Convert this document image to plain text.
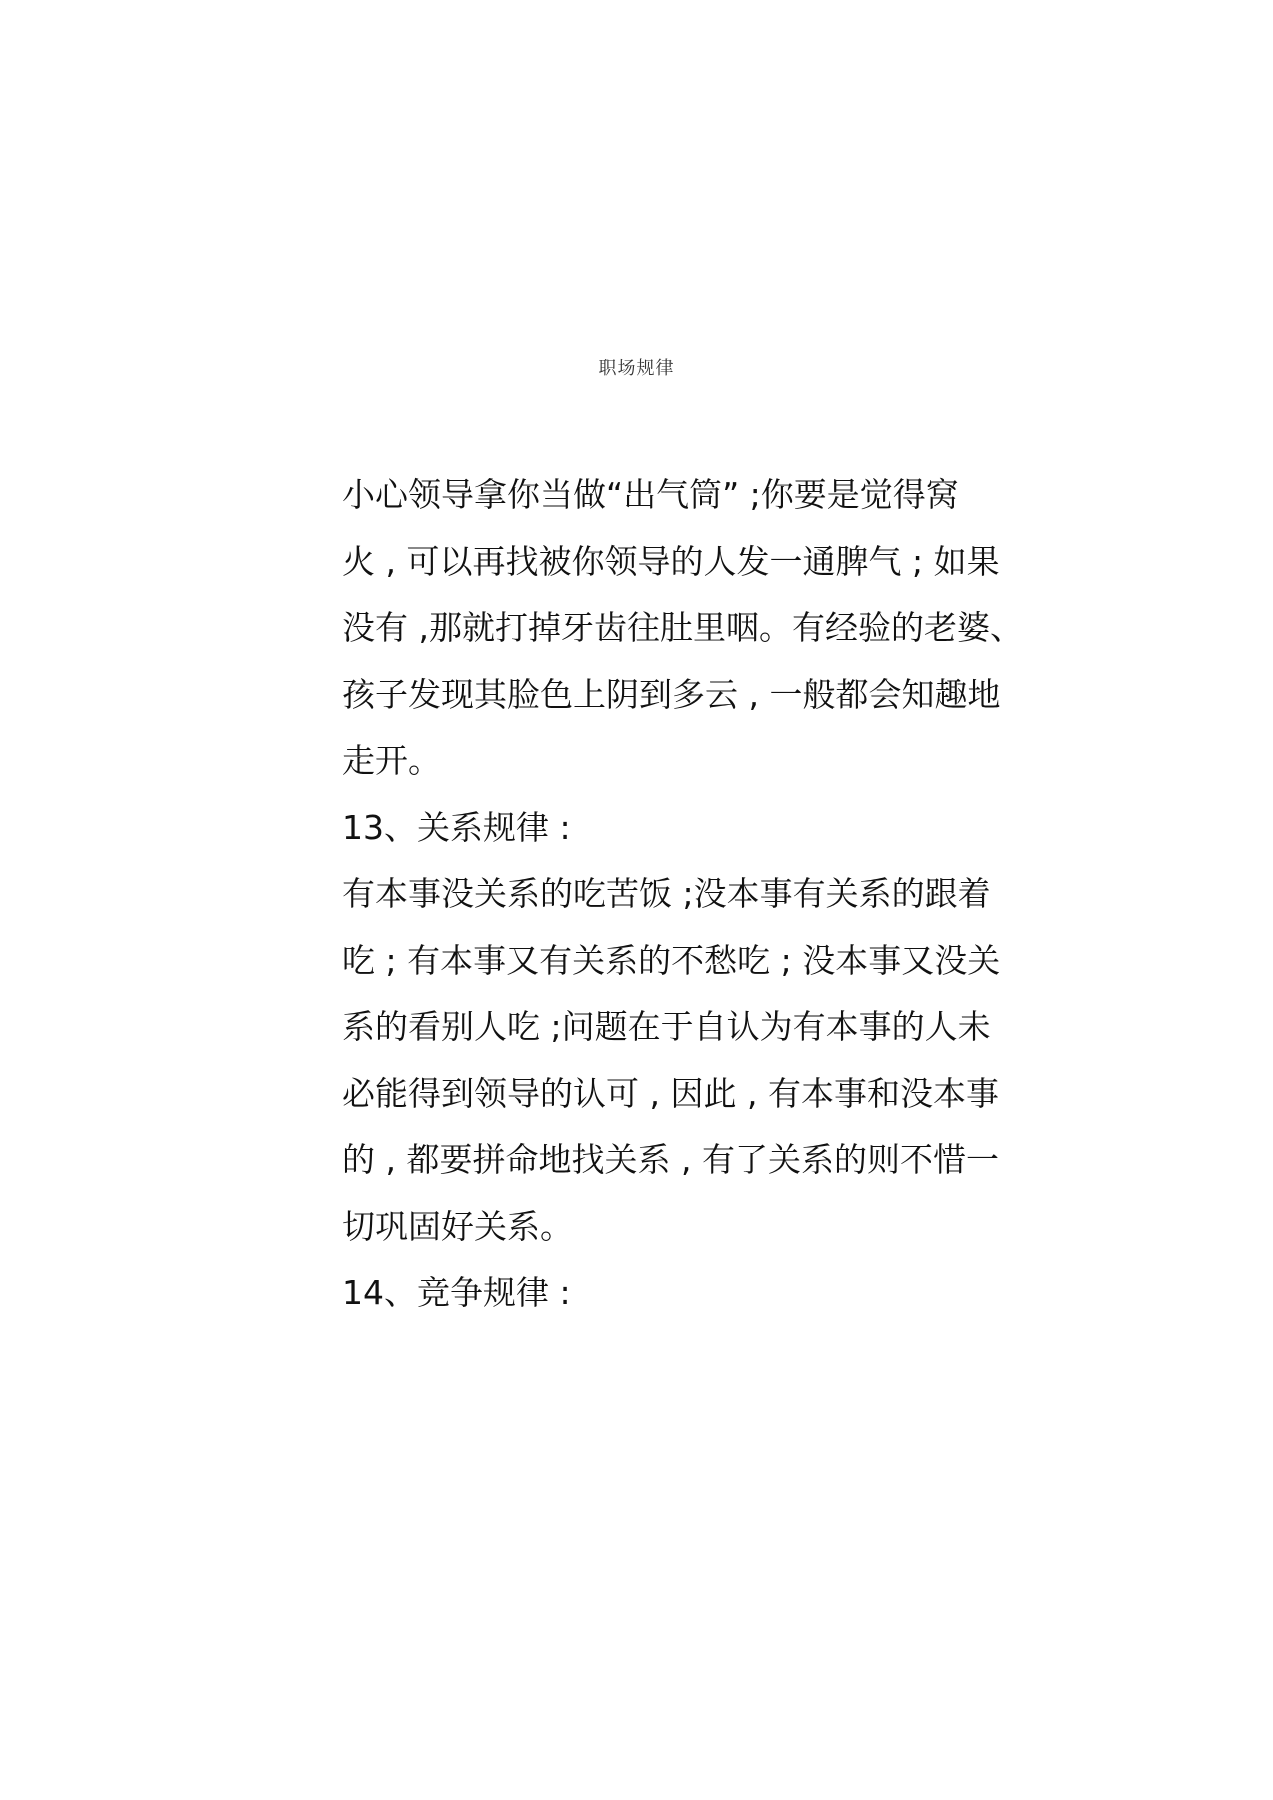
职场规律
小心领导拿你当做“出气筒” ;你要是觉得窝
火 , 可以再找被你领导的人发一通脾气 ; 如果
没有 ,那就打掉牙齿往肚里咽。有经验的老婆、
孩子发现其脸色上阴到多云 , 一般都会知趣地
走开。
13、关系规律 :
有本事没关系的吃苦饭 ;没本事有关系的跟着
吃 ; 有本事又有关系的不愁吃 ; 没本事又没关
系的看别人吃 ;问题在于自认为有本事的人未
必能得到领导的认可 , 因此 , 有本事和没本事
的 , 都要拼命地找关系 , 有了关系的则不惜一
切巩固好关系。
14、竞争规律 :
